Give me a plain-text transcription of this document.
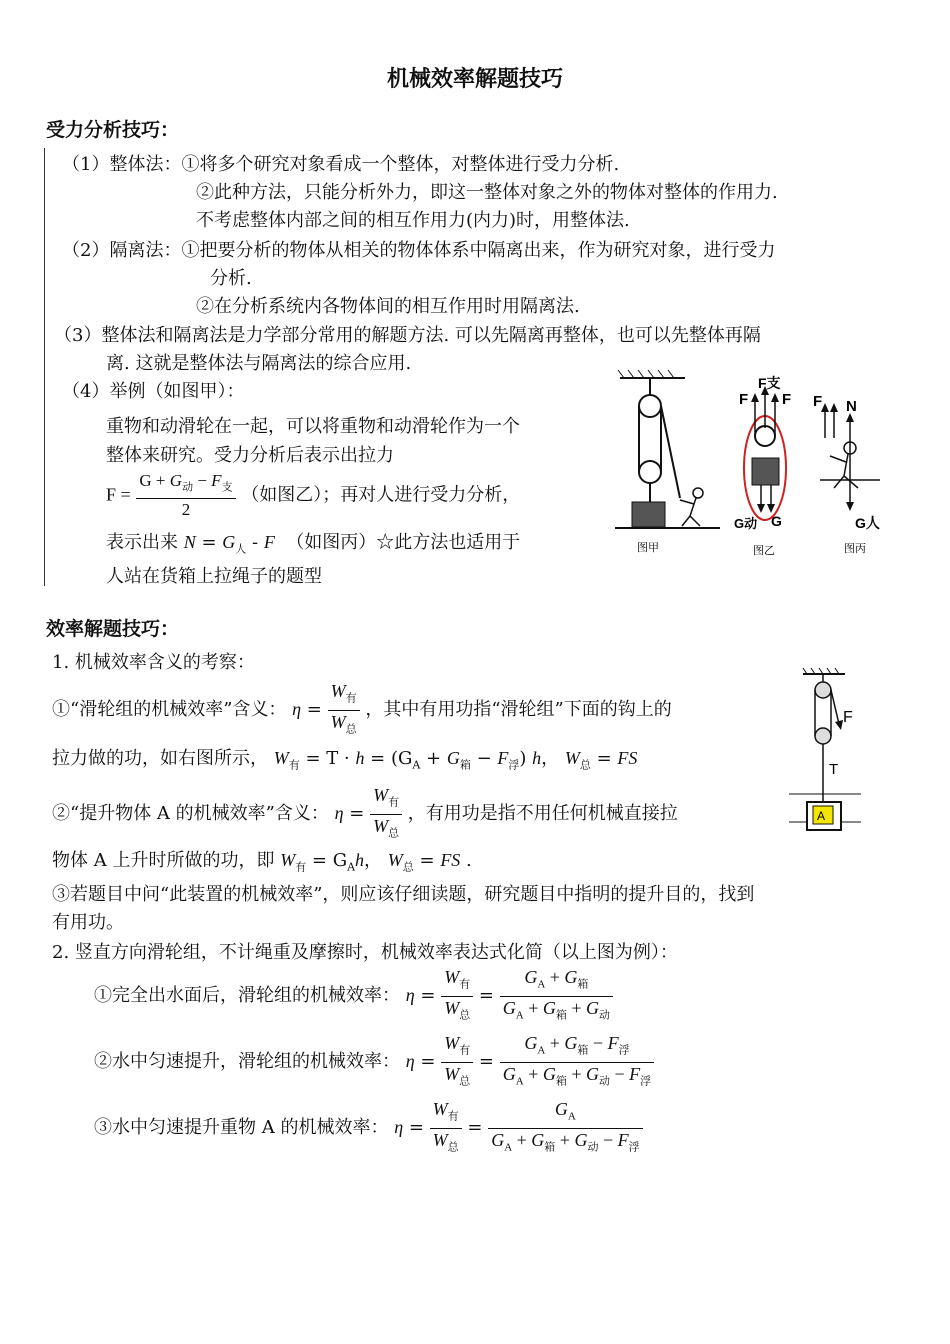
机械效率解题技巧
受力分析技巧：
（1）整体法：①将多个研究对象看成一个整体，对整体进行受力分析.
②此种方法，只能分析外力，即这一整体对象之外的物体对整体的作用力.
不考虑整体内部之间的相互作用力(内力)时，用整体法.
（2）隔离法：①把要分析的物体从相关的物体体系中隔离出来，作为研究对象，进行受力
分析.
②在分析系统内各物体间的相互作用时用隔离法.
（3）整体法和隔离法是力学部分常用的解题方法. 可以先隔离再整体，也可以先整体再隔
离. 这就是整体法与隔离法的综合应用.
（4）举例（如图甲）：
重物和动滑轮在一起，可以将重物和动滑轮作为一个
整体来研究。受力分析后表示出拉力
$F = \frac{G + G_动 - F_支}{2}$ （如图乙）；再对人进行受力分析，
表示出来 $N = G_人 - F$ （如图丙）☆此方法也适用于
人站在货箱上拉绳子的题型
图甲
F F
F支
G动 G
图乙
F N
G人
图丙
效率解题技巧：
1. 机械效率含义的考察：
①“滑轮组的机械效率”含义： $\eta = \frac{W_有}{W_总}$ ，其中有用功指“滑轮组”下面的钩上的
拉力做的功，如右图所示， $W_有 = T \cdot h = (G_A + G_箱 - F_浮)$ h， $W_总$ = FS
②“提升物体 A 的机械效率”含义： $\eta = \frac{W_有}{W_总}$ ，有用功是指不用任何机械直接拉
物体 A 上升时所做的功，即 $W_有 = G_Ah$， $W_总$ = FS .
③若题目中问“此装置的机械效率”，则应该仔细读题，研究题目中指明的提升目的，找到
有用功。
2. 竖直方向滑轮组，不计绳重及摩擦时，机械效率表达式化简（以上图为例）：
①完全出水面后，滑轮组的机械效率： $\eta = \frac{W_有}{W_总} = \frac{G_A + G_箱}{G_A + G_箱 + G_动}$
②水中匀速提升，滑轮组的机械效率： $\eta = \frac{W_有}{W_总} = \frac{G_A + G_箱 - F_浮}{G_A + G_箱 + G_动 - F_浮}$
③水中匀速提升重物 A 的机械效率： $\eta = \frac{W_有}{W_总} = \frac{G_A}{G_A + G_箱 + G_动 - F_浮}$
F
T
A
